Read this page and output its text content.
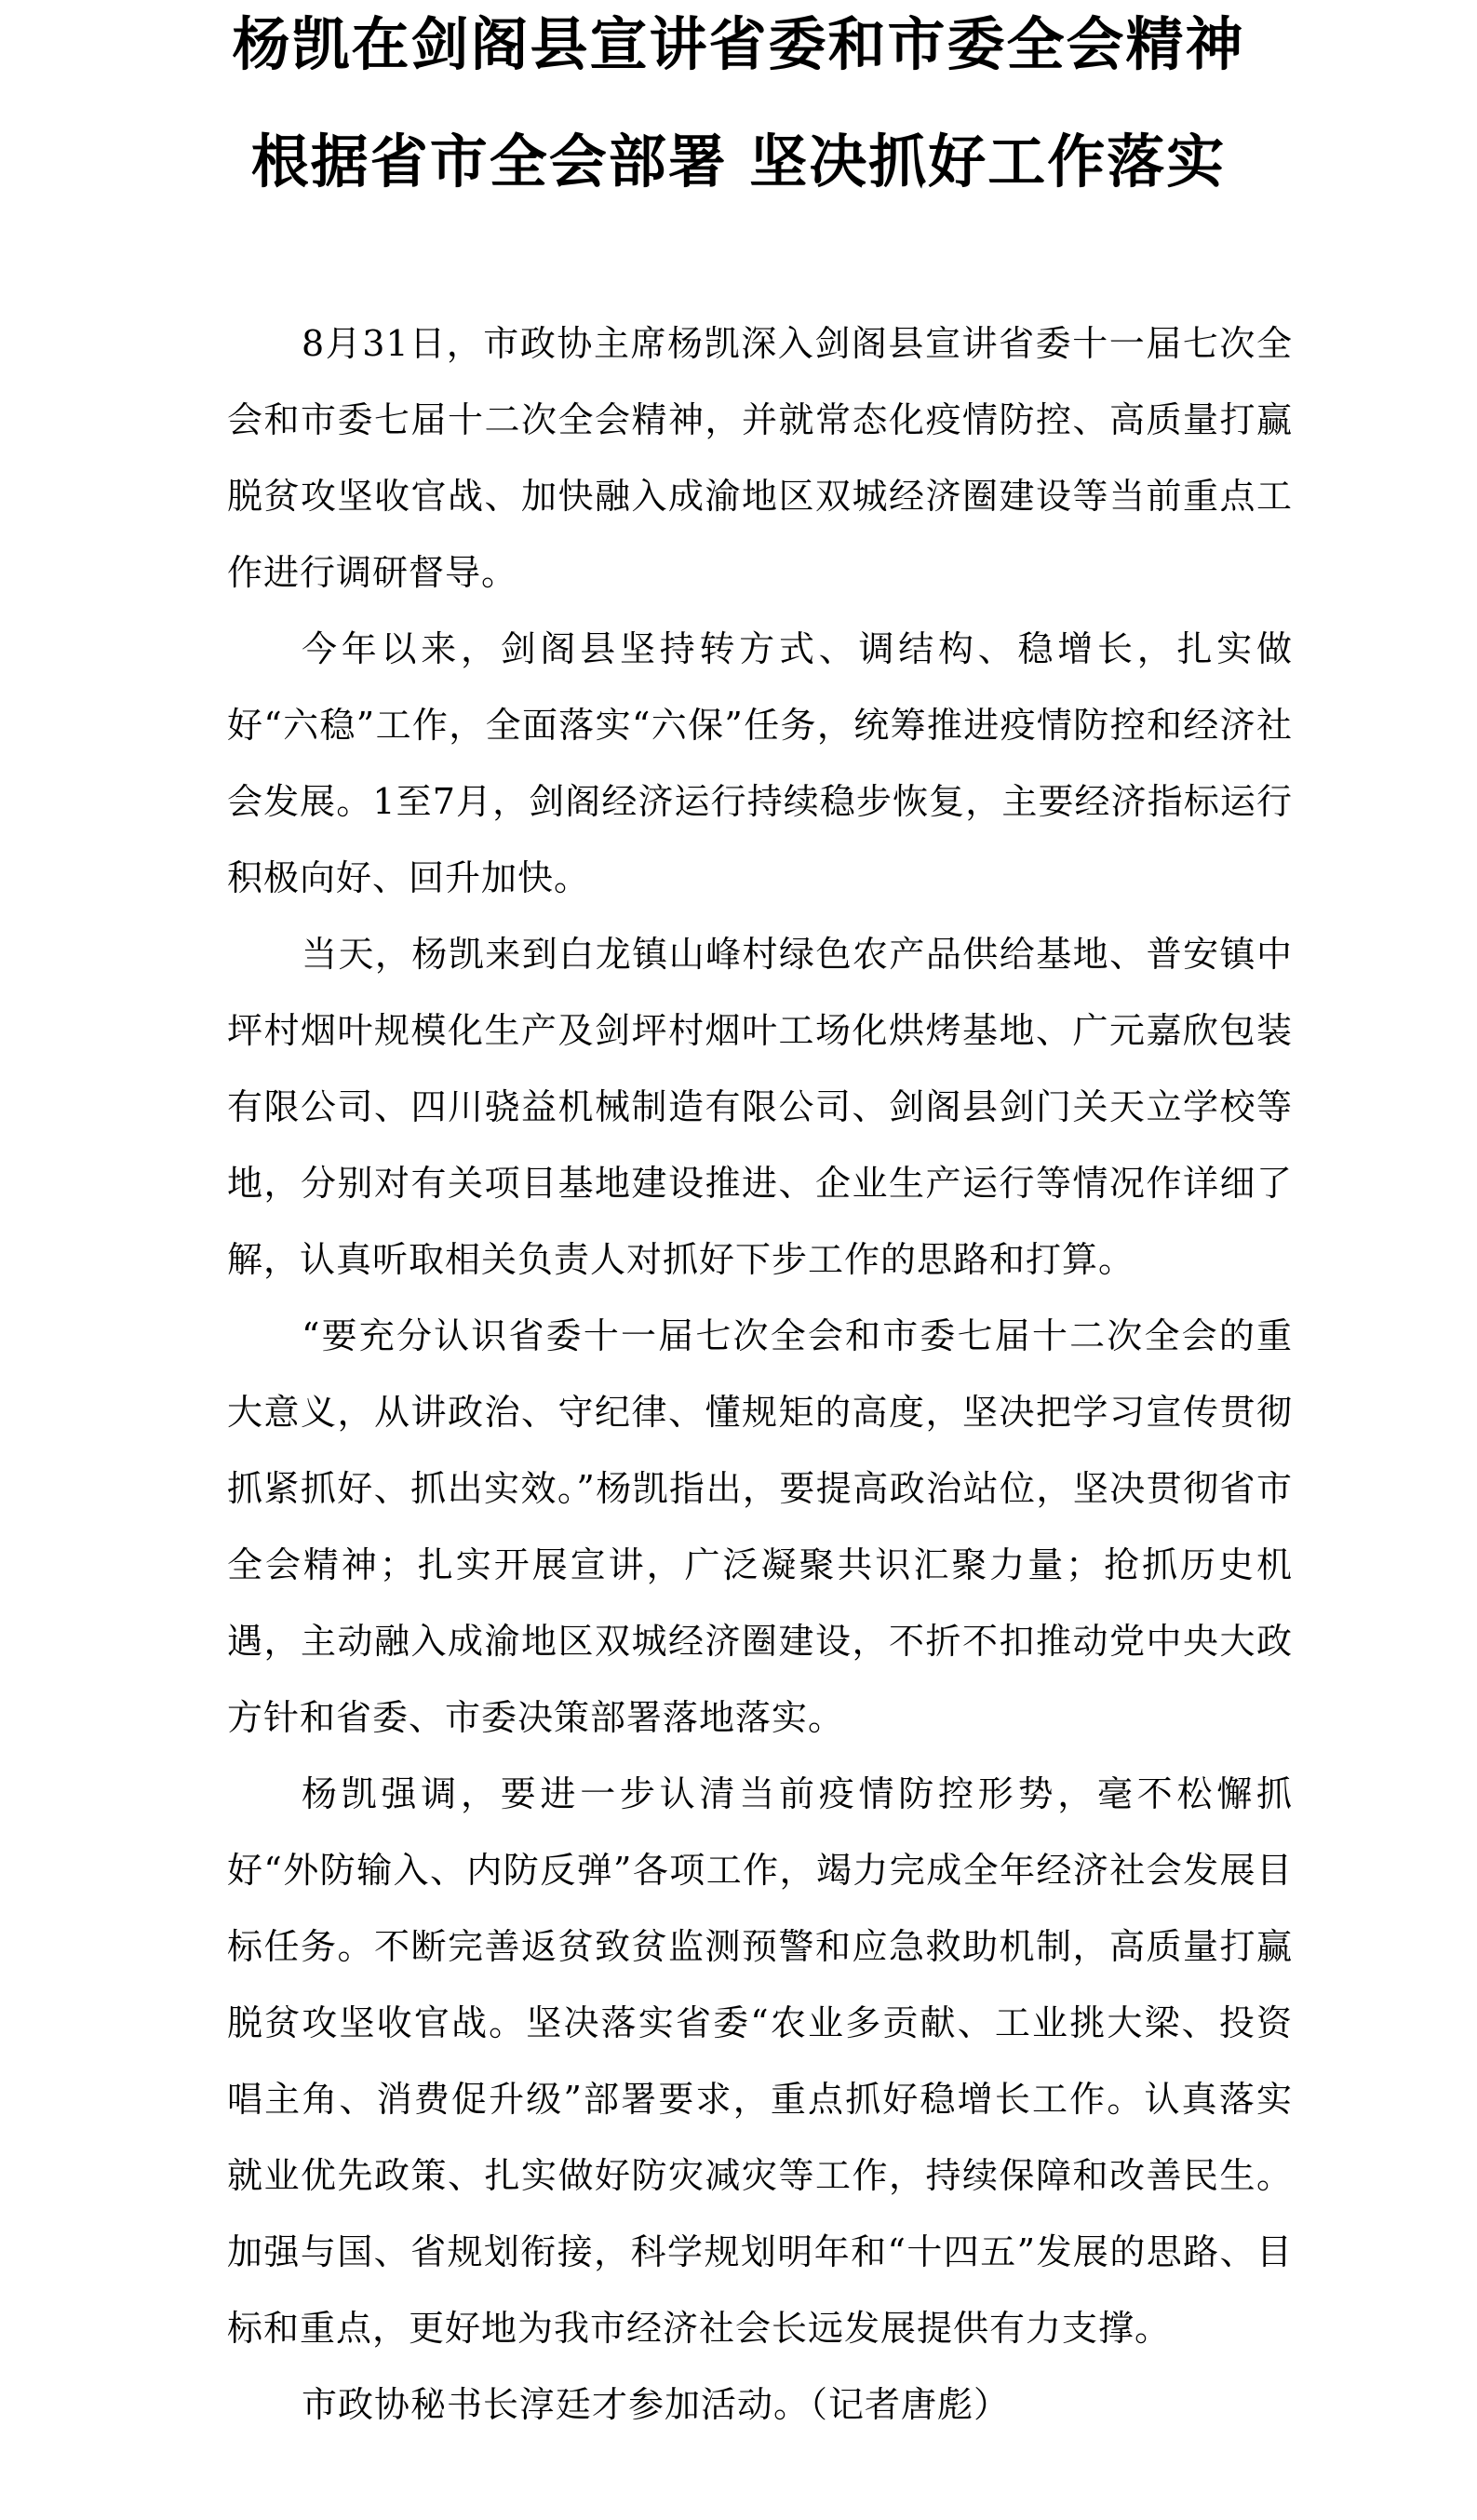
杨凯在剑阁县宣讲省委和市委全会精神
根据省市全会部署 坚决抓好工作落实

8月31日，市政协主席杨凯深入剑阁县宣讲省委十一届七次全会和市委七届十二次全会精神，并就常态化疫情防控、高质量打赢脱贫攻坚收官战、加快融入成渝地区双城经济圈建设等当前重点工作进行调研督导。

今年以来，剑阁县坚持转方式、调结构、稳增长，扎实做好“六稳”工作，全面落实“六保”任务，统筹推进疫情防控和经济社会发展。1至7月，剑阁经济运行持续稳步恢复，主要经济指标运行积极向好、回升加快。

当天，杨凯来到白龙镇山峰村绿色农产品供给基地、普安镇中坪村烟叶规模化生产及剑坪村烟叶工场化烘烤基地、广元嘉欣包装有限公司、四川骁益机械制造有限公司、剑阁县剑门关天立学校等地，分别对有关项目基地建设推进、企业生产运行等情况作详细了解，认真听取相关负责人对抓好下步工作的思路和打算。

“要充分认识省委十一届七次全会和市委七届十二次全会的重大意义，从讲政治、守纪律、懂规矩的高度，坚决把学习宣传贯彻抓紧抓好、抓出实效。”杨凯指出，要提高政治站位，坚决贯彻省市全会精神；扎实开展宣讲，广泛凝聚共识汇聚力量；抢抓历史机遇，主动融入成渝地区双城经济圈建设，不折不扣推动党中央大政方针和省委、市委决策部署落地落实。

杨凯强调，要进一步认清当前疫情防控形势，毫不松懈抓好“外防输入、内防反弹”各项工作，竭力完成全年经济社会发展目标任务。不断完善返贫致贫监测预警和应急救助机制，高质量打赢脱贫攻坚收官战。坚决落实省委“农业多贡献、工业挑大梁、投资唱主角、消费促升级”部署要求，重点抓好稳增长工作。认真落实就业优先政策、扎实做好防灾减灾等工作，持续保障和改善民生。加强与国、省规划衔接，科学规划明年和“十四五”发展的思路、目标和重点，更好地为我市经济社会长远发展提供有力支撑。

市政协秘书长淳廷才参加活动。（记者唐彪）
